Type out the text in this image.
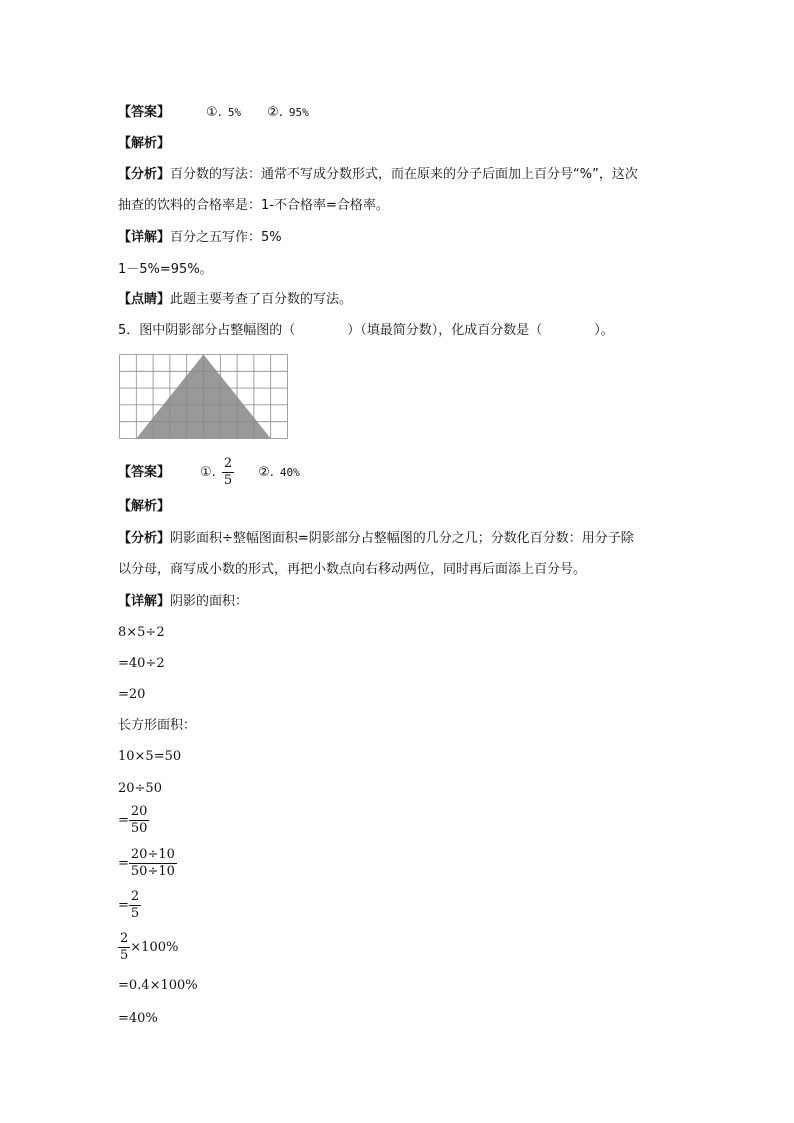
【答案】	①. 5% ②. 95%
【解析】
【分析】百分数的写法：通常不写成分数形式，而在原来的分子后面加上百分号“%”，这次
抽查的饮料的合格率是：1-不合格率=合格率。
【详解】百分之五写作：5%
1－5%=95%。
【点睛】此题主要考查了百分数的写法。
5．图中阴影部分占整幅图的（　　　　）（填最简分数），化成百分数是（　　　　）。
【答案】 ①. $\frac{2}{5}$ ②. 40%
【解析】
【分析】阴影面积÷整幅图面积=阴影部分占整幅图的几分之几；分数化百分数：用分子除
以分母，商写成小数的形式，再把小数点向右移动两位，同时再后面添上百分号。
【详解】阴影的面积：
8×5÷2
=40÷2
=20
长方形面积：
10×5=50
20÷50
= $\frac{20}{50}$
= $\frac{20\div 10}{50\div 10}$
= $\frac{2}{5}$
$\frac{2}{5} \times 100\%$
=0.4×100%
=40%
